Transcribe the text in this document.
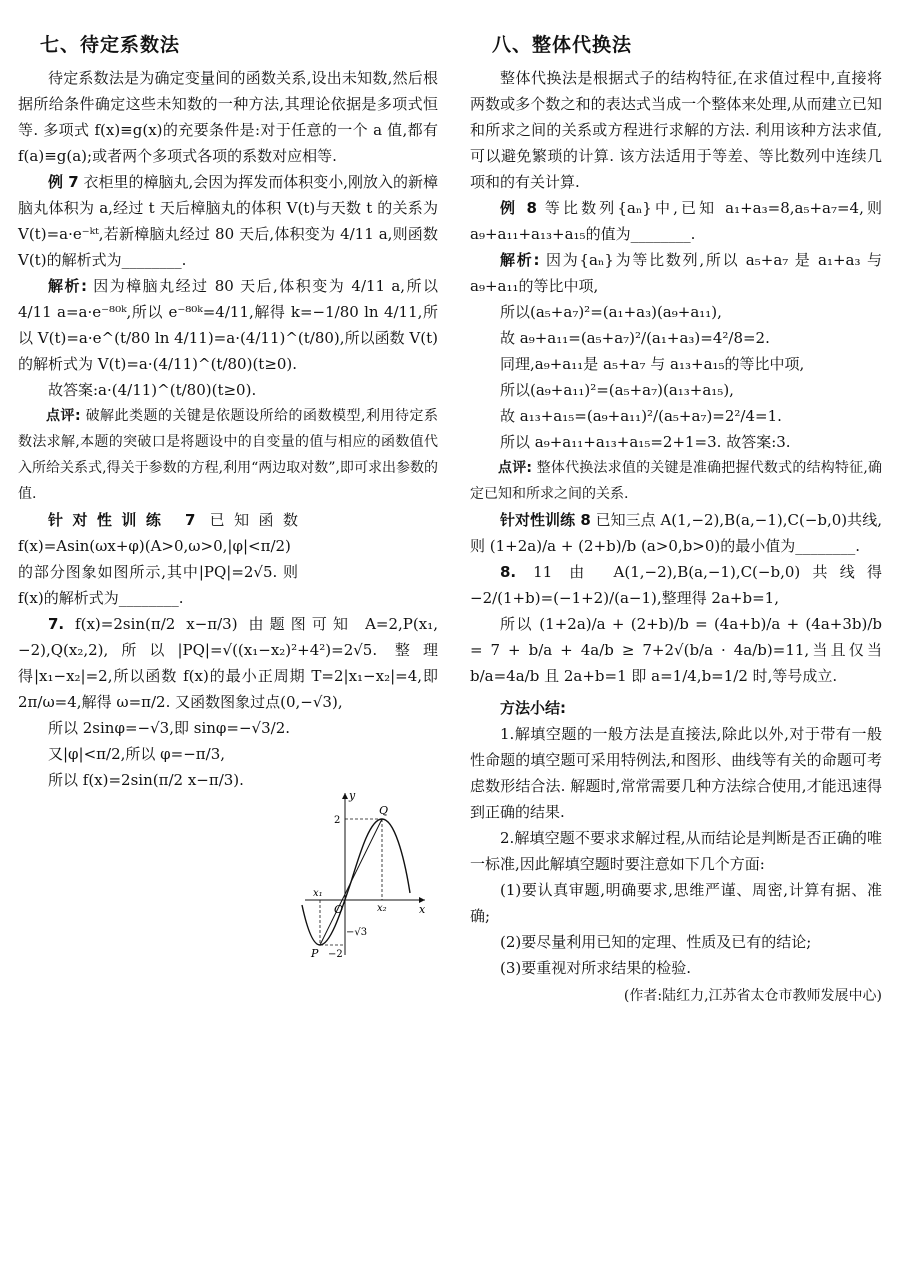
七、待定系数法

待定系数法是为确定变量间的函数关系,设出未知数,然后根据所给条件确定这些未知数的一种方法,其理论依据是多项式恒等. 多项式 f(x)≡g(x)的充要条件是:对于任意的一个 a 值,都有 f(a)≡g(a);或者两个多项式各项的系数对应相等.

例 7 衣柜里的樟脑丸,会因为挥发而体积变小,刚放入的新樟脑丸体积为 a,经过 t 天后樟脑丸的体积 V(t)与天数 t 的关系为 V(t)=a·e⁻ᵏᵗ,若新樟脑丸经过 80 天后,体积变为 4/11 a,则函数 V(t)的解析式为________.

解析: 因为樟脑丸经过 80 天后,体积变为 4/11 a,所以 4/11 a=a·e⁻⁸⁰ᵏ,所以 e⁻⁸⁰ᵏ=4/11,解得 k=−1/80 ln 4/11,所以 V(t)=a·e^(t/80 ln 4/11)=a·(4/11)^(t/80),所以函数 V(t)的解析式为 V(t)=a·(4/11)^(t/80)(t≥0).

故答案:a·(4/11)^(t/80)(t≥0).

点评: 破解此类题的关键是依题设所给的函数模型,利用待定系数法求解,本题的突破口是将题设中的自变量的值与相应的函数值代入所给关系式,得关于参数的方程,利用“两边取对数”,即可求出参数的值.

针对性训练 7 已知函数 f(x)=Asin(ωx+φ)(A>0,ω>0,|φ|<π/2)的部分图象如图所示,其中|PQ|=2√5. 则 f(x)的解析式为________.

7. f(x)=2sin(π/2 x−π/3) 由题图可知 A=2,P(x₁,−2),Q(x₂,2),所以|PQ|=√((x₁−x₂)²+4²)=2√5. 整理得|x₁−x₂|=2,所以函数 f(x)的最小正周期 T=2|x₁−x₂|=4,即 2π/ω=4,解得 ω=π/2. 又函数图象过点(0,−√3),

所以 2sinφ=−√3,即 sinφ=−√3/2.

又|φ|<π/2,所以 φ=−π/3,

所以 f(x)=2sin(π/2 x−π/3).

y
x
O
Q
P
2
−2
x₁
x₂
−√3
八、整体代换法

整体代换法是根据式子的结构特征,在求值过程中,直接将两数或多个数之和的表达式当成一个整体来处理,从而建立已知和所求之间的关系或方程进行求解的方法. 利用该种方法求值,可以避免繁琐的计算. 该方法适用于等差、等比数列中连续几项和的有关计算.

例 8 等比数列{aₙ}中,已知 a₁+a₃=8,a₅+a₇=4,则 a₉+a₁₁+a₁₃+a₁₅的值为________.

解析: 因为{aₙ}为等比数列,所以 a₅+a₇ 是 a₁+a₃ 与 a₉+a₁₁的等比中项,

所以(a₅+a₇)²=(a₁+a₃)(a₉+a₁₁),

故 a₉+a₁₁=(a₅+a₇)²/(a₁+a₃)=4²/8=2.

同理,a₉+a₁₁是 a₅+a₇ 与 a₁₃+a₁₅的等比中项,

所以(a₉+a₁₁)²=(a₅+a₇)(a₁₃+a₁₅),

故 a₁₃+a₁₅=(a₉+a₁₁)²/(a₅+a₇)=2²/4=1.

所以 a₉+a₁₁+a₁₃+a₁₅=2+1=3. 故答案:3.

点评: 整体代换法求值的关键是准确把握代数式的结构特征,确定已知和所求之间的关系.

针对性训练 8 已知三点 A(1,−2),B(a,−1),C(−b,0)共线,则 (1+2a)/a + (2+b)/b (a>0,b>0)的最小值为________.

8. 11 由 A(1,−2),B(a,−1),C(−b,0)共线得 −2/(1+b)=(−1+2)/(a−1),整理得 2a+b=1,

所以 (1+2a)/a + (2+b)/b = (4a+b)/a + (4a+3b)/b = 7 + b/a + 4a/b ≥ 7+2√(b/a · 4a/b)=11,当且仅当 b/a=4a/b 且 2a+b=1 即 a=1/4,b=1/2 时,等号成立.

方法小结:

1.解填空题的一般方法是直接法,除此以外,对于带有一般性命题的填空题可采用特例法,和图形、曲线等有关的命题可考虑数形结合法. 解题时,常常需要几种方法综合使用,才能迅速得到正确的结果.

2.解填空题不要求求解过程,从而结论是判断是否正确的唯一标准,因此解填空题时要注意如下几个方面:

(1)要认真审题,明确要求,思维严谨、周密,计算有据、准确;

(2)要尽量利用已知的定理、性质及已有的结论;

(3)要重视对所求结果的检验.

(作者:陆红力,江苏省太仓市教师发展中心)
